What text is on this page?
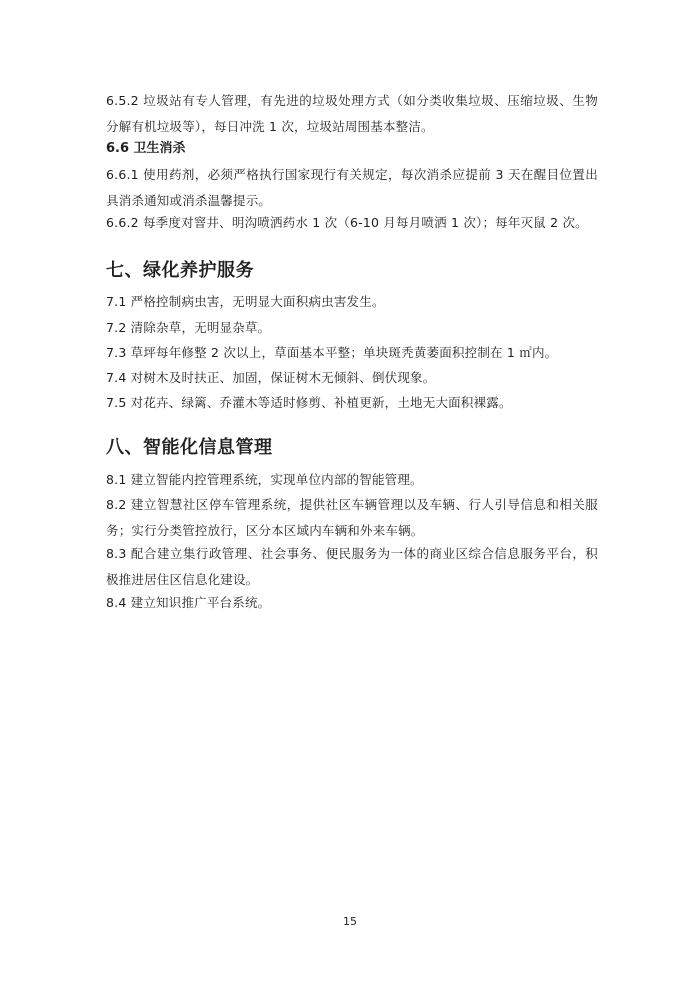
6.5.2 垃圾站有专人管理，有先进的垃圾处理方式（如分类收集垃圾、压缩垃圾、生物分解有机垃圾等），每日冲洗 1 次，垃圾站周围基本整洁。

6.6 卫生消杀

6.6.1 使用药剂，必须严格执行国家现行有关规定，每次消杀应提前 3 天在醒目位置出具消杀通知或消杀温馨提示。

6.6.2 每季度对窨井、明沟喷洒药水 1 次（6-10 月每月喷洒 1 次）；每年灭鼠 2 次。

七、绿化养护服务

7.1 严格控制病虫害，无明显大面积病虫害发生。

7.2 清除杂草，无明显杂草。

7.3 草坪每年修整 2 次以上，草面基本平整；单块斑秃黄萎面积控制在 1 ㎡内。

7.4 对树木及时扶正、加固，保证树木无倾斜、倒伏现象。

7.5 对花卉、绿篱、乔灌木等适时修剪、补植更新，土地无大面积裸露。

八、智能化信息管理

8.1 建立智能内控管理系统，实现单位内部的智能管理。

8.2 建立智慧社区停车管理系统，提供社区车辆管理以及车辆、行人引导信息和相关服务；实行分类管控放行，区分本区域内车辆和外来车辆。

8.3 配合建立集行政管理、社会事务、便民服务为一体的商业区综合信息服务平台，积极推进居住区信息化建设。

8.4 建立知识推广平台系统。

15
